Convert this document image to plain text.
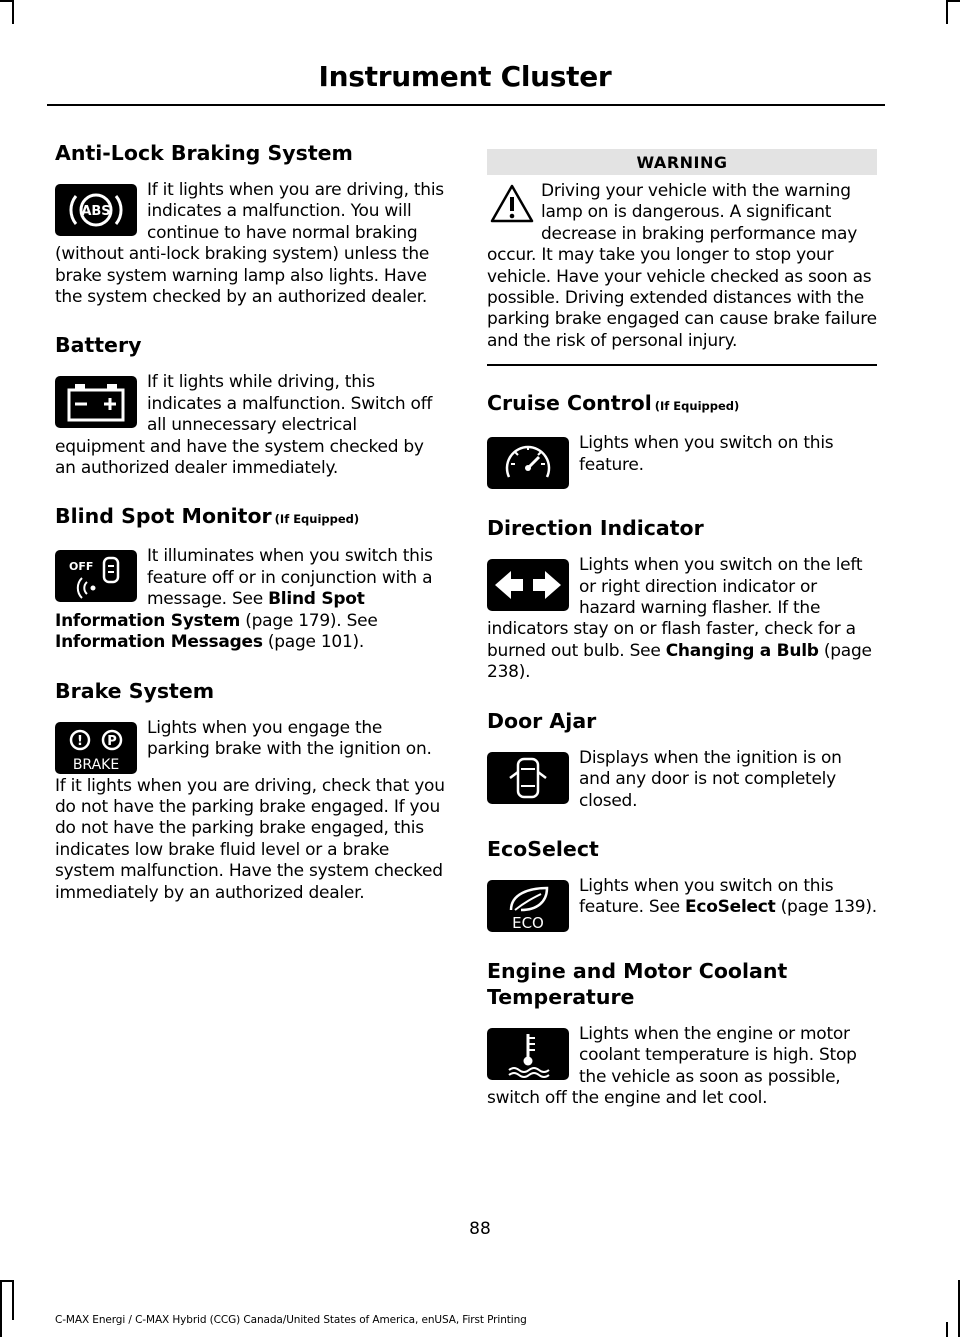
Instrument Cluster
Anti-Lock Braking System
ABS

If it lights when you are driving, this indicates a malfunction. You will continue to have normal braking (without anti-lock braking system) unless the brake system warning lamp also lights. Have the system checked by an authorized dealer.

Battery

If it lights while driving, this indicates a malfunction. Switch off all unnecessary electrical equipment and have the system checked by an authorized dealer immediately.

Blind Spot Monitor (If Equipped)
OFF

It illuminates when you switch this feature off or in conjunction with a message. See Blind Spot Information System (page 179). See Information Messages (page 101).

Brake System
! P
BRAKE

Lights when you engage the parking brake with the ignition on.

If it lights when you are driving, check that you do not have the parking brake engaged. If you do not have the parking brake engaged, this indicates low brake fluid level or a brake system malfunction. Have the system checked immediately by an authorized dealer.

WARNING

Driving your vehicle with the warning lamp on is dangerous. A significant decrease in braking performance may occur. It may take you longer to stop your vehicle. Have your vehicle checked as soon as possible. Driving extended distances with the parking brake engaged can cause brake failure and the risk of personal injury.

Cruise Control (If Equipped)

Lights when you switch on this feature.

Direction Indicator

Lights when you switch on the left or right direction indicator or hazard warning flasher. If the indicators stay on or flash faster, check for a burned out bulb. See Changing a Bulb (page 238).

Door Ajar

Displays when the ignition is on and any door is not completely closed.

EcoSelect
ECO

Lights when you switch on this feature. See EcoSelect (page 139).

Engine and Motor Coolant Temperature

Lights when the engine or motor coolant temperature is high. Stop the vehicle as soon as possible, switch off the engine and let cool.

88
C-MAX Energi / C-MAX Hybrid (CCG) Canada/United States of America, enUSA, First Printing
